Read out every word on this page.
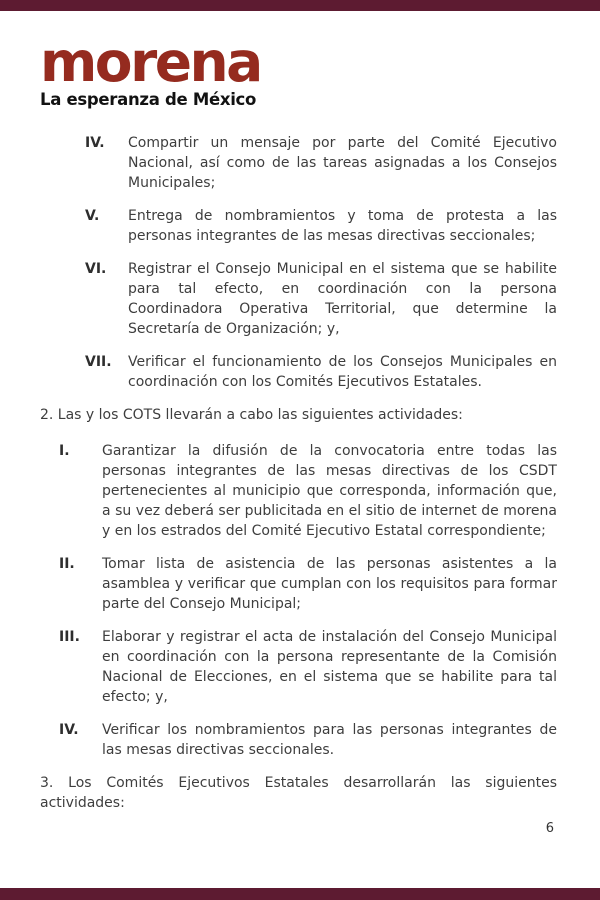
morena
La esperanza de México
IV.	Compartir un mensaje por parte del Comité Ejecutivo Nacional, así como de las tareas asignadas a los Consejos Municipales;
V.	Entrega de nombramientos y toma de protesta a las personas integrantes de las mesas directivas seccionales;
VI.	Registrar el Consejo Municipal en el sistema que se habilite para tal efecto, en coordinación con la persona Coordinadora Operativa Territorial, que determine la Secretaría de Organización; y,
VII.	Verificar el funcionamiento de los Consejos Municipales en coordinación con los Comités Ejecutivos Estatales.

2. Las y los COTS llevarán a cabo las siguientes actividades:

I.	Garantizar la difusión de la convocatoria entre todas las personas integrantes de las mesas directivas de los CSDT pertenecientes al municipio que corresponda, información que, a su vez deberá ser publicitada en el sitio de internet de morena y en los estrados del Comité Ejecutivo Estatal correspondiente;
II.	Tomar lista de asistencia de las personas asistentes a la asamblea y verificar que cumplan con los requisitos para formar parte del Consejo Municipal;
III.	Elaborar y registrar el acta de instalación del Consejo Municipal en coordinación con la persona representante de la Comisión Nacional de Elecciones, en el sistema que se habilite para tal efecto; y,
IV.	Verificar los nombramientos para las personas integrantes de las mesas directivas seccionales.

3. Los Comités Ejecutivos Estatales desarrollarán las siguientes actividades:

6
